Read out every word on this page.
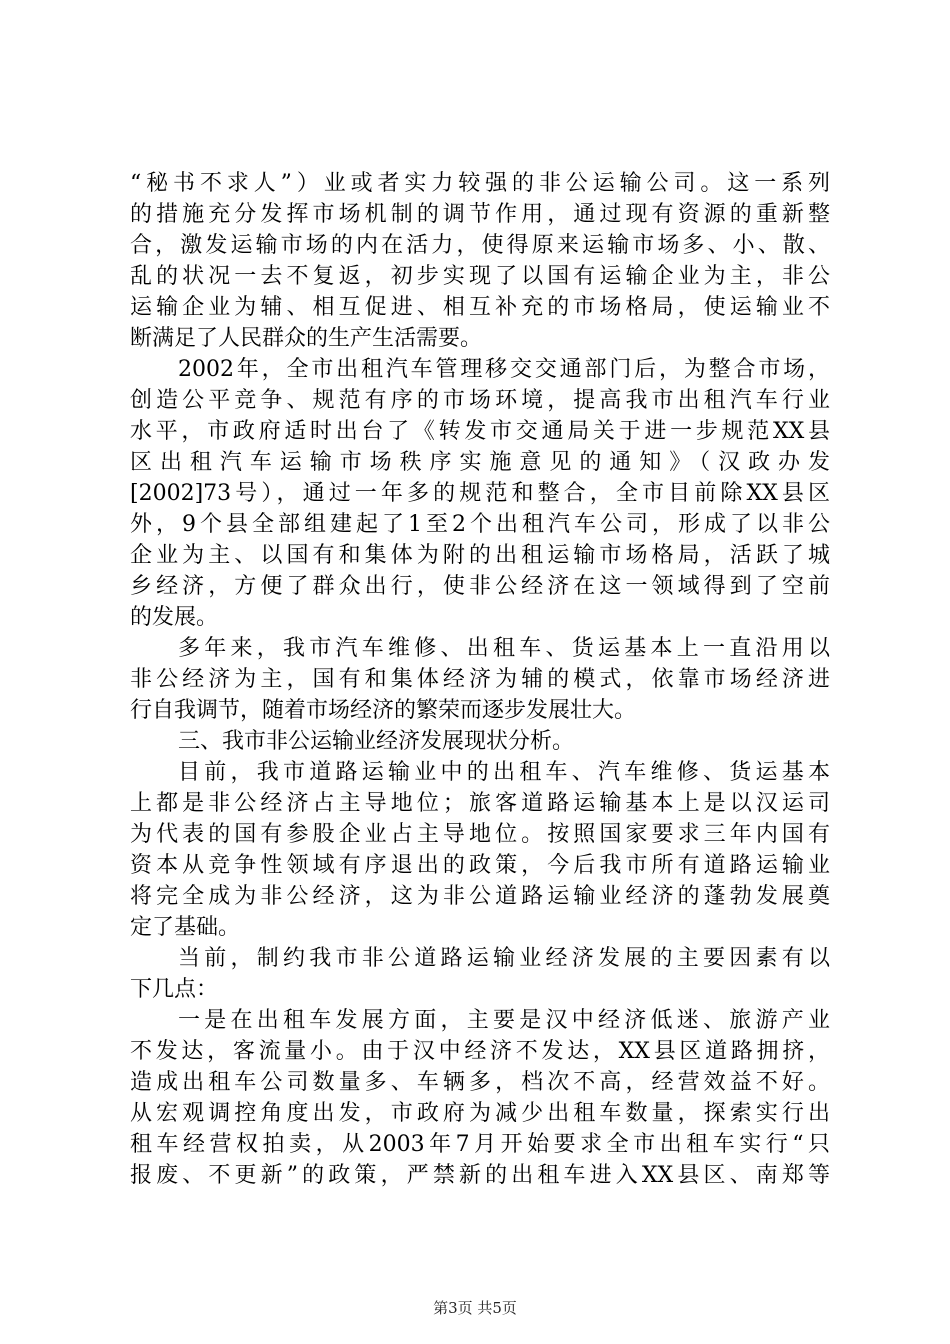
“秘书不求人”）业或者实力较强的非公运输公司。这一系列
的措施充分发挥市场机制的调节作用，通过现有资源的重新整
合，激发运输市场的内在活力，使得原来运输市场多、小、散、
乱的状况一去不复返，初步实现了以国有运输企业为主，非公
运输企业为辅、相互促进、相互补充的市场格局，使运输业不
断满足了人民群众的生产生活需要。
2002年，全市出租汽车管理移交交通部门后，为整合市场，
创造公平竞争、规范有序的市场环境，提高我市出租汽车行业
水平，市政府适时出台了《转发市交通局关于进一步规范XX县
区出租汽车运输市场秩序实施意见的通知》（汉政办发
[2002]73号），通过一年多的规范和整合，全市目前除XX县区
外，9个县全部组建起了1至2个出租汽车公司，形成了以非公
企业为主、以国有和集体为附的出租运输市场格局，活跃了城
乡经济，方便了群众出行，使非公经济在这一领域得到了空前
的发展。
多年来，我市汽车维修、出租车、货运基本上一直沿用以
非公经济为主，国有和集体经济为辅的模式，依靠市场经济进
行自我调节，随着市场经济的繁荣而逐步发展壮大。
三、我市非公运输业经济发展现状分析。
目前，我市道路运输业中的出租车、汽车维修、货运基本
上都是非公经济占主导地位；旅客道路运输基本上是以汉运司
为代表的国有参股企业占主导地位。按照国家要求三年内国有
资本从竞争性领域有序退出的政策，今后我市所有道路运输业
将完全成为非公经济，这为非公道路运输业经济的蓬勃发展奠
定了基础。
当前，制约我市非公道路运输业经济发展的主要因素有以
下几点：
一是在出租车发展方面，主要是汉中经济低迷、旅游产业
不发达，客流量小。由于汉中经济不发达，XX县区道路拥挤，
造成出租车公司数量多、车辆多，档次不高，经营效益不好。
从宏观调控角度出发，市政府为减少出租车数量，探索实行出
租车经营权拍卖，从2003年7月开始要求全市出租车实行“只
报废、不更新”的政策，严禁新的出租车进入XX县区、南郑等
第3页 共5页
